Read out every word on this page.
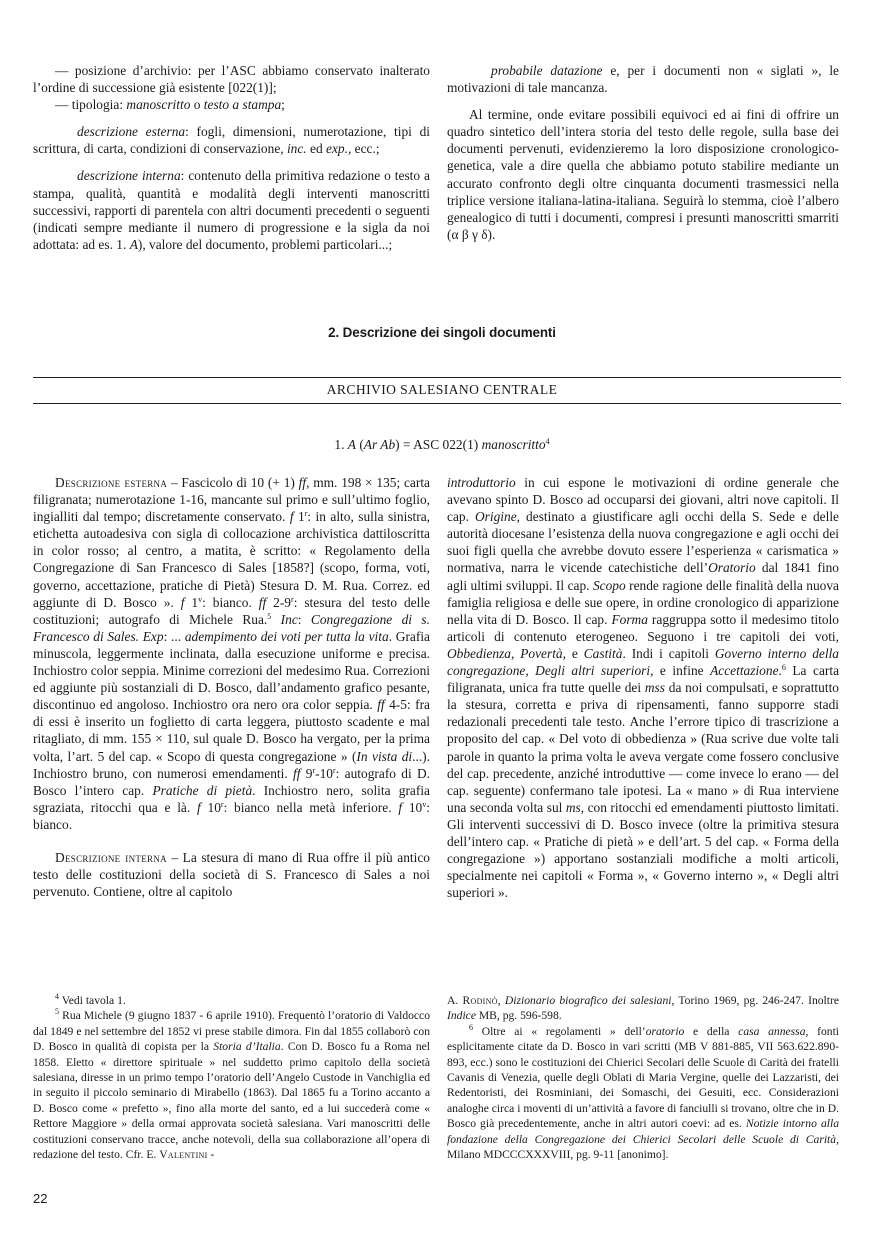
— posizione d’archivio: per l’ASC abbiamo conservato inalterato l’ordine di successione già esistente [022(1)];

— tipologia: manoscritto o testo a stampa;

descrizione esterna: fogli, dimensioni, numerotazione, tipi di scrittura, di carta, condizioni di conservazione, inc. ed exp., ecc.;

descrizione interna: contenuto della primitiva redazione o testo a stampa, qualità, quantità e modalità degli interventi manoscritti successivi, rapporti di parentela con altri documenti precedenti o seguenti (indicati sempre mediante il numero di progressione e la sigla da noi adottata: ad es. 1. A), valore del documento, problemi particolari...;

probabile datazione e, per i documenti non « siglati », le motivazioni di tale mancanza.

Al termine, onde evitare possibili equivoci ed ai fini di offrire un quadro sintetico dell’intera storia del testo delle regole, sulla base dei documenti pervenuti, evidenzieremo la loro disposizione cronologico-genetica, vale a dire quella che abbiamo potuto stabilire mediante un accurato confronto degli oltre cinquanta documenti trasmessici nella triplice versione italiana-latina-italiana. Seguirà lo stemma, cioè l’albero genealogico di tutti i documenti, compresi i presunti manoscritti smarriti (α β γ δ).

2. Descrizione dei singoli documenti
ARCHIVIO SALESIANO CENTRALE
1. A (Ar Ab) = ASC 022(1) manoscritto$^4$

Descrizione esterna – Fascicolo di 10 (+ 1) ff, mm. 198 × 135; carta filigranata; numerotazione 1-16, mancante sul primo e sull’ultimo foglio, ingialliti dal tempo; discretamente conservato. f 1$^r$: in alto, sulla sinistra, etichetta autoadesiva con sigla di collocazione archivistica dattiloscritta in color rosso; al centro, a matita, è scritto: « Regolamento della Congregazione di San Francesco di Sales [1858?] (scopo, forma, voti, governo, accettazione, pratiche di Pietà) Stesura D. M. Rua. Correz. ed aggiunte di D. Bosco ». f 1$^v$: bianco. ff 2-9$^r$: stesura del testo delle costituzioni; autografo di Michele Rua.$^5$ Inc: Congregazione di s. Francesco di Sales. Exp: ... adempimento dei voti per tutta la vita. Grafia minuscola, leggermente inclinata, dalla esecuzione uniforme e precisa. Inchiostro color seppia. Minime correzioni del medesimo Rua. Correzioni ed aggiunte più sostanziali di D. Bosco, dall’andamento grafico pesante, discontinuo ed angoloso. Inchiostro ora nero ora color seppia. ff 4-5: fra di essi è inserito un foglietto di carta leggera, piuttosto scadente e mal ritagliato, di mm. 155 × 110, sul quale D. Bosco ha vergato, per la prima volta, l’art. 5 del cap. « Scopo di questa congregazione » (In vista di...). Inchiostro bruno, con numerosi emendamenti. ff 9$^r$-10$^r$: autografo di D. Bosco l’intero cap. Pratiche di pietà. Inchiostro nero, solita grafia sgraziata, ritocchi qua e là. f 10$^r$: bianco nella metà inferiore. f 10$^v$: bianco.

Descrizione interna – La stesura di mano di Rua offre il più antico testo delle costituzioni della società di S. Francesco di Sales a noi pervenuto. Contiene, oltre al capitolo

introduttorio in cui espone le motivazioni di ordine generale che avevano spinto D. Bosco ad occuparsi dei giovani, altri nove capitoli. Il cap. Origine, destinato a giustificare agli occhi della S. Sede e delle autorità diocesane l’esistenza della nuova congregazione e agli occhi dei suoi figli quella che avrebbe dovuto essere l’esperienza « carismatica » normativa, narra le vicende catechistiche dell’Oratorio dal 1841 fino agli ultimi sviluppi. Il cap. Scopo rende ragione delle finalità della nuova famiglia religiosa e delle sue opere, in ordine cronologico di apparizione nella vita di D. Bosco. Il cap. Forma raggruppa sotto il medesimo titolo articoli di contenuto eterogeneo. Seguono i tre capitoli dei voti, Obbedienza, Povertà, e Castità. Indi i capitoli Governo interno della congregazione, Degli altri superiori, e infine Accettazione.$^6$ La carta filigranata, unica fra tutte quelle dei mss da noi compulsati, e soprattutto la stesura, corretta e priva di ripensamenti, fanno supporre stadi redazionali precedenti tale testo. Anche l’errore tipico di trascrizione a proposito del cap. « Del voto di obbedienza » (Rua scrive due volte tali parole in quanto la prima volta le aveva vergate come fossero conclusive del cap. precedente, anziché introduttive — come invece lo erano — del cap. seguente) confermano tale ipotesi. La « mano » di Rua interviene una seconda volta sul ms, con ritocchi ed emendamenti piuttosto limitati. Gli interventi successivi di D. Bosco invece (oltre la primitiva stesura dell’intero cap. « Pratiche di pietà » e dell’art. 5 del cap. « Forma della congregazione ») apportano sostanziali modifiche a molti articoli, specialmente nei capitoli « Forma », « Governo interno », « Degli altri superiori ».

$^4$ Vedi tavola 1.

$^5$ Rua Michele (9 giugno 1837 - 6 aprile 1910). Frequentò l’oratorio di Valdocco dal 1849 e nel settembre del 1852 vi prese stabile dimora. Fin dal 1855 collaborò con D. Bosco in qualità di copista per la Storia d’Italia. Con D. Bosco fu a Roma nel 1858. Eletto « direttore spirituale » nel suddetto primo capitolo della società salesiana, diresse in un primo tempo l’oratorio dell’Angelo Custode in Vanchiglia ed in seguito il piccolo seminario di Mirabello (1863). Dal 1865 fu a Torino accanto a D. Bosco come « prefetto », fino alla morte del santo, ed a lui succederà come « Rettore Maggiore » della ormai approvata società salesiana. Vari manoscritti delle costituzioni conservano tracce, anche notevoli, della sua collaborazione all’opera di redazione del testo. Cfr. E. Valentini -

A. Rodinò, Dizionario biografico dei salesiani, Torino 1969, pg. 246-247. Inoltre Indice MB, pg. 596-598.

$^6$ Oltre ai « regolamenti » dell’oratorio e della casa annessa, fonti esplicitamente citate da D. Bosco in vari scritti (MB V 881-885, VII 563.622.890-893, ecc.) sono le costituzioni dei Chierici Secolari delle Scuole di Carità dei fratelli Cavanis di Venezia, quelle degli Oblati di Maria Vergine, quelle dei Lazzaristi, dei Redentoristi, dei Rosminiani, dei Somaschi, dei Gesuiti, ecc. Considerazioni analoghe circa i moventi di un’attività a favore di fanciulli si trovano, oltre che in D. Bosco già precedentemente, anche in altri autori coevi: ad es. Notizie intorno alla fondazione della Congregazione dei Chierici Secolari delle Scuole di Carità, Milano MDCCCXXXVIII, pg. 9-11 [anonimo].

22
